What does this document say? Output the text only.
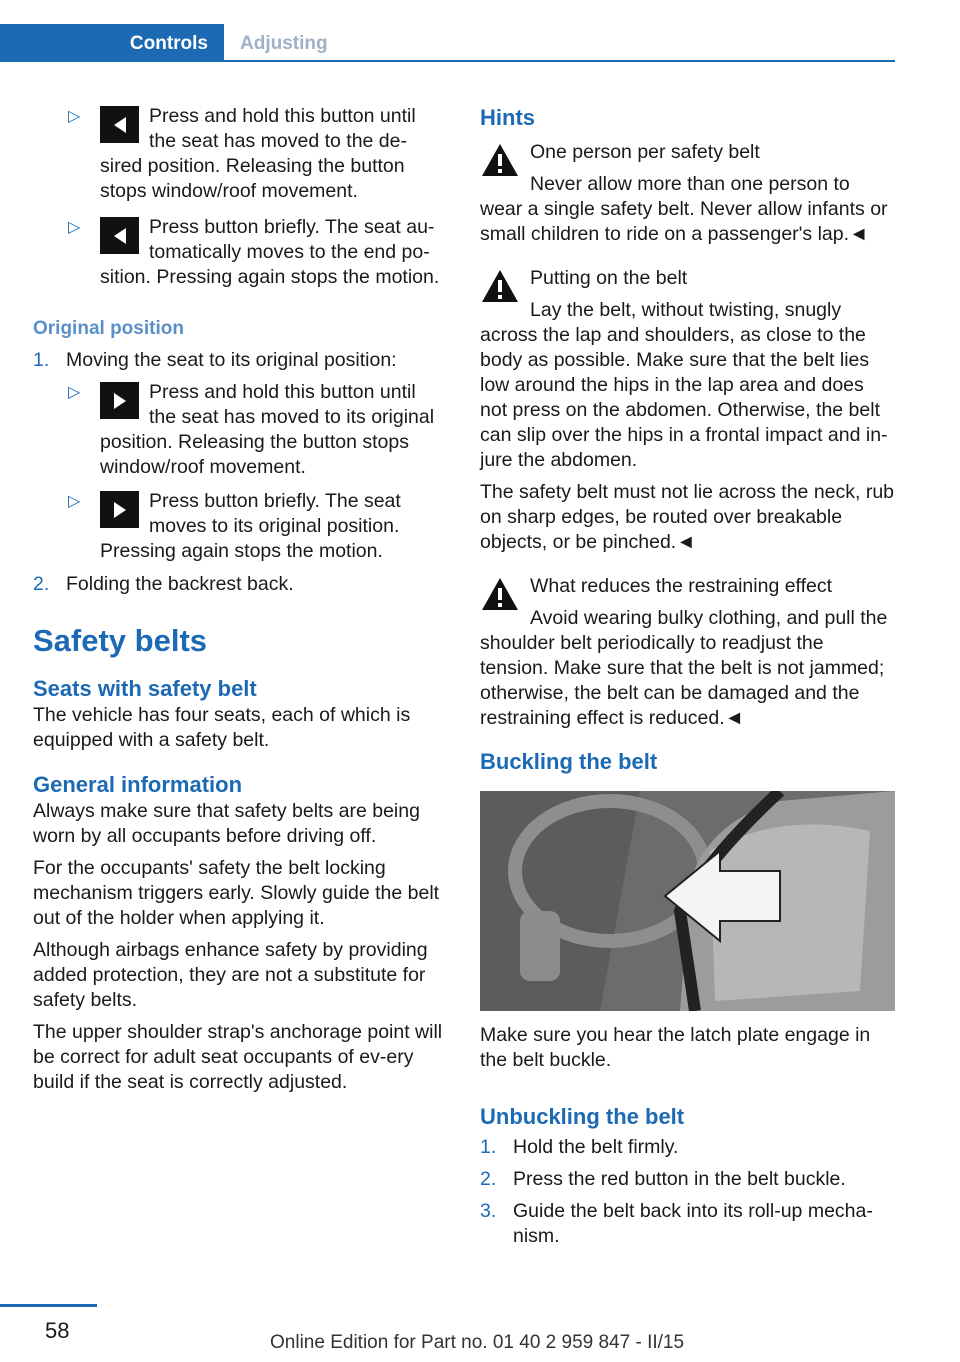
Controls Adjusting
▷	Press and hold this button until the seat has moved to the de-sired position. Releasing the button stops window/roof movement.
▷	Press button briefly. The seat au-tomatically moves to the end po-sition. Pressing again stops the motion.

Original position

1. Moving the seat to its original position:
▷	Press and hold this button until the seat has moved to its original position. Releasing the button stops window/roof movement.
▷	Press button briefly. The seat moves to its original position. Pressing again stops the motion.
2. Folding the backrest back.

Safety belts

Seats with safety belt

The vehicle has four seats, each of which is equipped with a safety belt.

General information

Always make sure that safety belts are being worn by all occupants before driving off.

For the occupants' safety the belt locking mechanism triggers early. Slowly guide the belt out of the holder when applying it.

Although airbags enhance safety by providing added protection, they are not a substitute for safety belts.

The upper shoulder strap's anchorage point will be correct for adult seat occupants of ev-ery build if the seat is correctly adjusted.

Hints

One person per safety belt

Never allow more than one person to wear a single safety belt. Never allow infants or small children to ride on a passenger's lap.◄

Putting on the belt

Lay the belt, without twisting, snugly across the lap and shoulders, as close to the body as possible. Make sure that the belt lies low around the hips in the lap area and does not press on the abdomen. Otherwise, the belt can slip over the hips in a frontal impact and in-jure the abdomen.

The safety belt must not lie across the neck, rub on sharp edges, be routed over breakable objects, or be pinched.◄

What reduces the restraining effect

Avoid wearing bulky clothing, and pull the shoulder belt periodically to readjust the tension. Make sure that the belt is not jammed; otherwise, the belt can be damaged and the restraining effect is reduced.◄

Buckling the belt

Make sure you hear the latch plate engage in the belt buckle.

Unbuckling the belt

1. Hold the belt firmly.
2. Press the red button in the belt buckle.
3. Guide the belt back into its roll-up mecha-nism.
58	Online Edition for Part no. 01 40 2 959 847 - II/15
